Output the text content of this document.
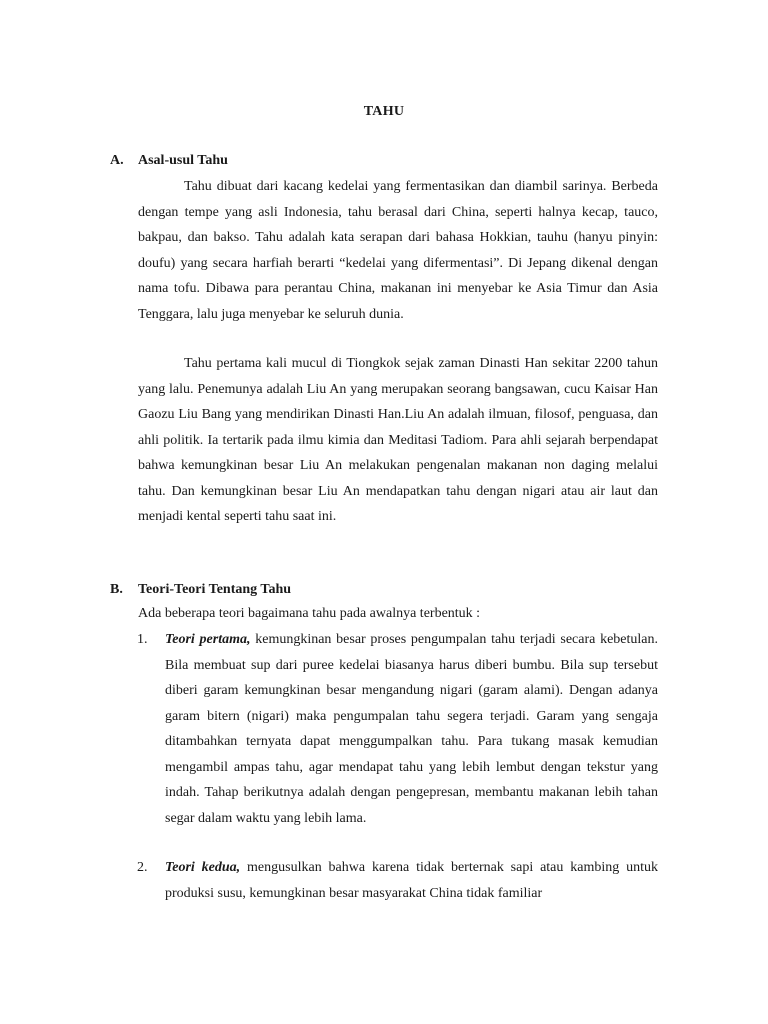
TAHU
A. Asal-usul Tahu

Tahu dibuat dari kacang kedelai yang fermentasikan dan diambil sarinya. Berbeda dengan tempe yang asli Indonesia, tahu berasal dari China, seperti halnya kecap, tauco, bakpau, dan bakso. Tahu adalah kata serapan dari bahasa Hokkian, tauhu (hanyu pinyin: doufu) yang secara harfiah berarti “kedelai yang difermentasi”. Di Jepang dikenal dengan nama tofu. Dibawa para perantau China, makanan ini menyebar ke Asia Timur dan Asia Tenggara, lalu juga menyebar ke seluruh dunia.

Tahu pertama kali mucul di Tiongkok sejak zaman Dinasti Han sekitar 2200 tahun yang lalu. Penemunya adalah Liu An yang merupakan seorang bangsawan, cucu Kaisar Han Gaozu Liu Bang yang mendirikan Dinasti Han.Liu An adalah ilmuan, filosof, penguasa, dan ahli politik. Ia tertarik pada ilmu kimia dan Meditasi Tadiom. Para ahli sejarah berpendapat bahwa kemungkinan besar Liu An melakukan pengenalan makanan non daging melalui tahu. Dan kemungkinan besar Liu An mendapatkan tahu dengan nigari atau air laut dan menjadi kental seperti tahu saat ini.

B. Teori-Teori Tentang Tahu

Ada beberapa teori bagaimana tahu pada awalnya terbentuk :

1. Teori pertama, kemungkinan besar proses pengumpalan tahu terjadi secara kebetulan. Bila membuat sup dari puree kedelai biasanya harus diberi bumbu. Bila sup tersebut diberi garam kemungkinan besar mengandung nigari (garam alami). Dengan adanya garam bitern (nigari) maka pengumpalan tahu segera terjadi. Garam yang sengaja ditambahkan ternyata dapat menggumpalkan tahu. Para tukang masak kemudian mengambil ampas tahu, agar mendapat tahu yang lebih lembut dengan tekstur yang indah. Tahap berikutnya adalah dengan pengepresan, membantu makanan lebih tahan segar dalam waktu yang lebih lama.
2. Teori kedua, mengusulkan bahwa karena tidak berternak sapi atau kambing untuk produksi susu, kemungkinan besar masyarakat China tidak familiar
